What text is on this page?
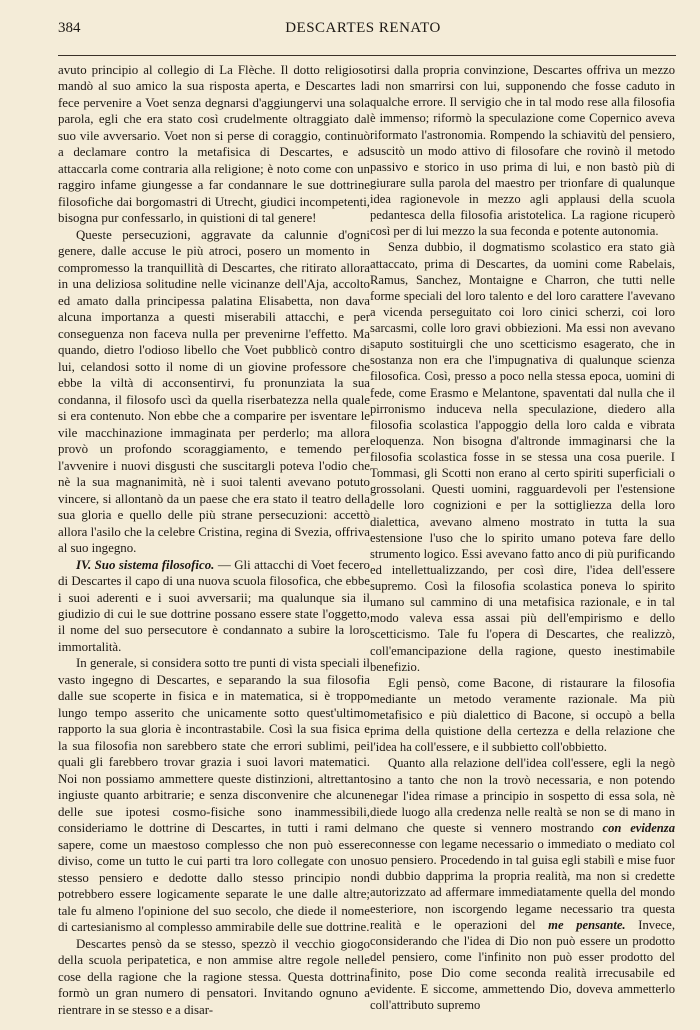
384	DESCARTES RENATO

avuto principio al collegio di La Flèche. Il dotto religioso mandò al suo amico la sua risposta aperta, e Descartes la fece pervenire a Voet senza degnarsi d'aggiungervi una sola parola, egli che era stato così crudelmente oltraggiato dal suo vile avversario. Voet non si perse di coraggio, continuò a declamare contro la metafisica di Descartes, e ad attaccarla come contraria alla religione; è noto come con un raggiro infame giungesse a far condannare le sue dottrine filosofiche dai borgomastri di Utrecht, giudici incompetenti, bisogna pur confessarlo, in quistioni di tal genere!

Queste persecuzioni, aggravate da calunnie d'ogni genere, dalle accuse le più atroci, posero un momento in compromesso la tranquillità di Descartes, che ritirato allora in una deliziosa solitudine nelle vicinanze dell'Aja, accolto ed amato dalla principessa palatina Elisabetta, non dava alcuna importanza a questi miserabili attacchi, e per conseguenza non faceva nulla per prevenirne l'effetto. Ma quando, dietro l'odioso libello che Voet pubblicò contro di lui, celandosi sotto il nome di un giovine professore che ebbe la viltà di acconsentirvi, fu pronunziata la sua condanna, il filosofo uscì da quella riserbatezza nella quale si era contenuto. Non ebbe che a comparire per isventare le vile macchinazione immaginata per perderlo; ma allora provò un profondo scoraggiamento, e temendo per l'avvenire i nuovi disgusti che suscitargli poteva l'odio che nè la sua magnanimità, nè i suoi talenti avevano potuto vincere, si allontanò da un paese che era stato il teatro della sua gloria e quello delle più strane persecuzioni: accettò allora l'asilo che la celebre Cristina, regina di Svezia, offriva al suo ingegno.

IV. Suo sistema filosofico. — Gli attacchi di Voet fecero di Descartes il capo di una nuova scuola filosofica, che ebbe i suoi aderenti e i suoi avversarii; ma qualunque sia il giudizio di cui le sue dottrine possano essere state l'oggetto, il nome del suo persecutore è condannato a subire la loro immortalità.

In generale, si considera sotto tre punti di vista speciali il vasto ingegno di Descartes, e separando la sua filosofia dalle sue scoperte in fisica e in matematica, si è troppo lungo tempo asserito che unicamente sotto quest'ultimo rapporto la sua gloria è incontrastabile. Così la sua fisica e la sua filosofia non sarebbero state che errori sublimi, pei quali gli farebbero trovar grazia i suoi lavori matematici. Noi non possiamo ammettere queste distinzioni, altrettanto ingiuste quanto arbitrarie; e senza disconvenire che alcune delle sue ipotesi cosmo-fisiche sono inammessibili, consideriamo le dottrine di Descartes, in tutti i rami del sapere, come un maestoso complesso che non può essere diviso, come un tutto le cui parti tra loro collegate con uno stesso pensiero e dedotte dallo stesso principio non potrebbero essere logicamente separate le une dalle altre; tale fu almeno l'opinione del suo secolo, che diede il nome di cartesianismo al complesso ammirabile delle sue dottrine.

Descartes pensò da se stesso, spezzò il vecchio giogo della scuola peripatetica, e non ammise altre regole nelle cose della ragione che la ragione stessa. Questa dottrina formò un gran numero di pensatori. Invitando ognuno a rientrare in se stesso e a disar-

tirsi dalla propria convinzione, Descartes offriva un mezzo di non smarrirsi con lui, supponendo che fosse caduto in qualche errore. Il servigio che in tal modo rese alla filosofia è immenso; riformò la speculazione come Copernico aveva riformato l'astronomia. Rompendo la schiavitù del pensiero, suscitò un modo attivo di filosofare che rovinò il metodo passivo e storico in uso prima di lui, e non bastò più di giurare sulla parola del maestro per trionfare di qualunque idea ragionevole in mezzo agli applausi della scuola pedantesca della filosofia aristotelica. La ragione ricuperò così per di lui mezzo la sua feconda e potente autonomia.

Senza dubbio, il dogmatismo scolastico era stato già attaccato, prima di Descartes, da uomini come Rabelais, Ramus, Sanchez, Montaigne e Charron, che tutti nelle forme speciali del loro talento e del loro carattere l'avevano a vicenda perseguitato coi loro cinici scherzi, coi loro sarcasmi, colle loro gravi obbiezioni. Ma essi non avevano saputo sostituirgli che uno scetticismo esagerato, che in sostanza non era che l'impugnativa di qualunque scienza filosofica. Così, presso a poco nella stessa epoca, uomini di fede, come Erasmo e Melantone, spaventati dal nulla che il pirronismo induceva nella speculazione, diedero alla filosofia scolastica l'appoggio della loro calda e vibrata eloquenza. Non bisogna d'altronde immaginarsi che la filosofia scolastica fosse in se stessa una cosa puerile. I Tommasi, gli Scotti non erano al certo spiriti superficiali o grossolani. Questi uomini, ragguardevoli per l'estensione delle loro cognizioni e per la sottigliezza della loro dialettica, avevano almeno mostrato in tutta la sua estensione l'uso che lo spirito umano poteva fare dello strumento logico. Essi avevano fatto anco di più purificando ed intellettualizzando, per così dire, l'idea dell'essere supremo. Così la filosofia scolastica poneva lo spirito umano sul cammino di una metafisica razionale, e in tal modo valeva essa assai più dell'empirismo e dello scetticismo. Tale fu l'opera di Descartes, che realizzò, coll'emancipazione della ragione, questo inestimabile benefizio.

Egli pensò, come Bacone, di ristaurare la filosofia mediante un metodo veramente razionale. Ma più metafisico e più dialettico di Bacone, si occupò a bella prima della quistione della certezza e della relazione che l'idea ha coll'essere, e il subbietto coll'obbietto.

Quanto alla relazione dell'idea coll'essere, egli la negò sino a tanto che non la trovò necessaria, e non potendo negar l'idea rimase a principio in sospetto di essa sola, nè diede luogo alla credenza nelle realtà se non se di mano in mano che queste si vennero mostrando con evidenza connesse con legame necessario o immediato o mediato col suo pensiero. Procedendo in tal guisa egli stabilì e mise fuor di dubbio dapprima la propria realità, ma non si credette autorizzato ad affermare immediatamente quella del mondo esteriore, non iscorgendo legame necessario tra questa realità e le operazioni del me pensante. Invece, considerando che l'idea di Dio non può essere un prodotto del pensiero, come l'infinito non può esser prodotto del finito, pose Dio come seconda realità irrecusabile ed evidente. E siccome, ammettendo Dio, doveva ammetterlo coll'attributo supremo
